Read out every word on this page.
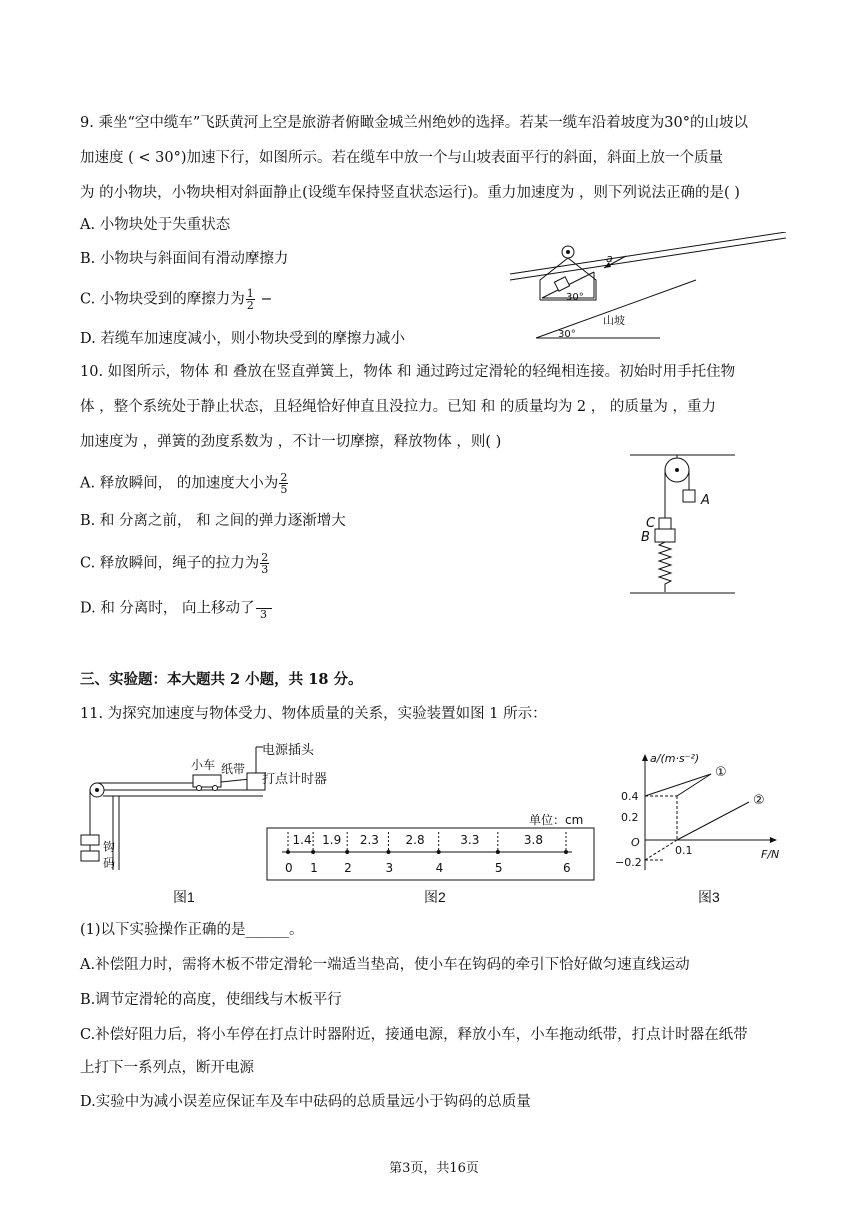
9. 乘坐“空中缆车”飞跃黄河上空是旅游者俯瞰金城兰州绝妙的选择。若某一缆车沿着坡度为30°的山坡以
加速度 ( < 30°)加速下行，如图所示。若在缆车中放一个与山坡表面平行的斜面，斜面上放一个质量
为 的小物块，小物块相对斜面静止(设缆车保持竖直状态运行)。重力加速度为 ，则下列说法正确的是( )
A. 小物块处于失重状态
B. 小物块与斜面间有滑动摩擦力
C. 小物块受到的摩擦力为 $\frac{1}{2}$ −
D. 若缆车加速度减小，则小物块受到的摩擦力减小
30°
a
山坡
30°
10. 如图所示，物体 和 叠放在竖直弹簧上，物体 和 通过跨过定滑轮的轻绳相连接。初始时用手托住物
体 ，整个系统处于静止状态，且轻绳恰好伸直且没拉力。已知 和 的质量均为 2 ， 的质量为 ，重力
加速度为 ，弹簧的劲度系数为 ，不计一切摩擦，释放物体 ，则( )
A. 释放瞬间， 的加速度大小为 $\frac{2}{5}$
B. 和 分离之前， 和 之间的弹力逐渐增大
C. 释放瞬间，绳子的拉力为 $\frac{2}{3}$
D. 和 分离时， 向上移动了 3
A
C
B
三、实验题：本大题共 2 小题，共 18 分。
11. 为探究加速度与物体受力、物体质量的关系，实验装置如图 1 所示：
钩
码
小车 纸带
电源插头
打点计时器
图1
单位：cm
0 1 2	3	4	5	6
1.4 1.9 2.3 2.8	3.3	3.8
图2
a/(m·s⁻²)
F/N
0.4
0.2
O
−0.2
0.1
①
②
图3
(1)以下实验操作正确的是______。
A.补偿阻力时，需将木板不带定滑轮一端适当垫高，使小车在钩码的牵引下恰好做匀速直线运动
B.调节定滑轮的高度，使细线与木板平行
C.补偿好阻力后，将小车停在打点计时器附近，接通电源，释放小车，小车拖动纸带，打点计时器在纸带
上打下一系列点，断开电源
D.实验中为减小误差应保证车及车中砝码的总质量远小于钩码的总质量
第3页，共16页
